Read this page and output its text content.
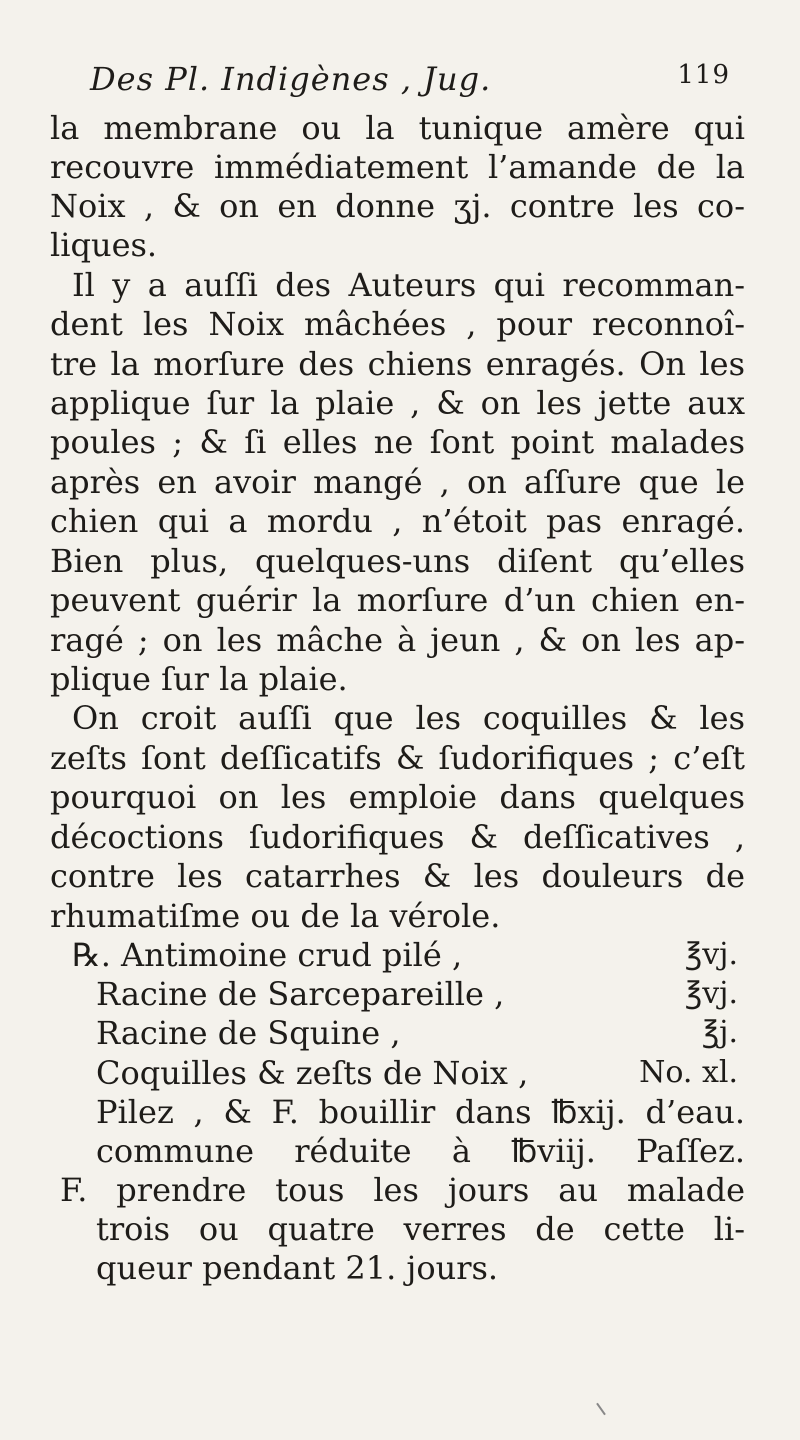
Des Pl. Indigènes , Jug.	119
la membrane ou la tunique amère qui
recouvre immédiatement l’amande de la
Noix , & on en donne ʒj. contre les co-
liques.
Il y a auſſi des Auteurs qui recomman-
dent les Noix mâchées , pour reconnoî-
tre la morſure des chiens enragés. On les
applique ſur la plaie , & on les jette aux
poules ; & ſi elles ne ſont point malades
après en avoir mangé , on aſſure que le
chien qui a mordu , n’étoit pas enragé.
Bien plus, quelques-uns diſent qu’elles
peuvent guérir la morſure d’un chien en-
ragé ; on les mâche à jeun , & on les ap-
plique ſur la plaie.
On croit auſſi que les coquilles & les
zeſts ſont deſſicatifs & ſudorifiques ; c’eſt
pourquoi on les emploie dans quelques
décoctions ſudorifiques & deſſicatives ,
contre les catarrhes & les douleurs de
rhumatiſme ou de la vérole.
℞. Antimoine crud pilé ,	℥vj.
Racine de Sarcepareille ,	℥vj.
Racine de Squine ,	℥j.
Coquilles & zeſts de Noix ,	No. xl.
Pilez , & F. bouillir dans ℔xij. d’eau.
commune réduite à ℔viij. Paſſez.
F. prendre tous les jours au malade
trois ou quatre verres de cette li-
queur pendant 21. jours.
